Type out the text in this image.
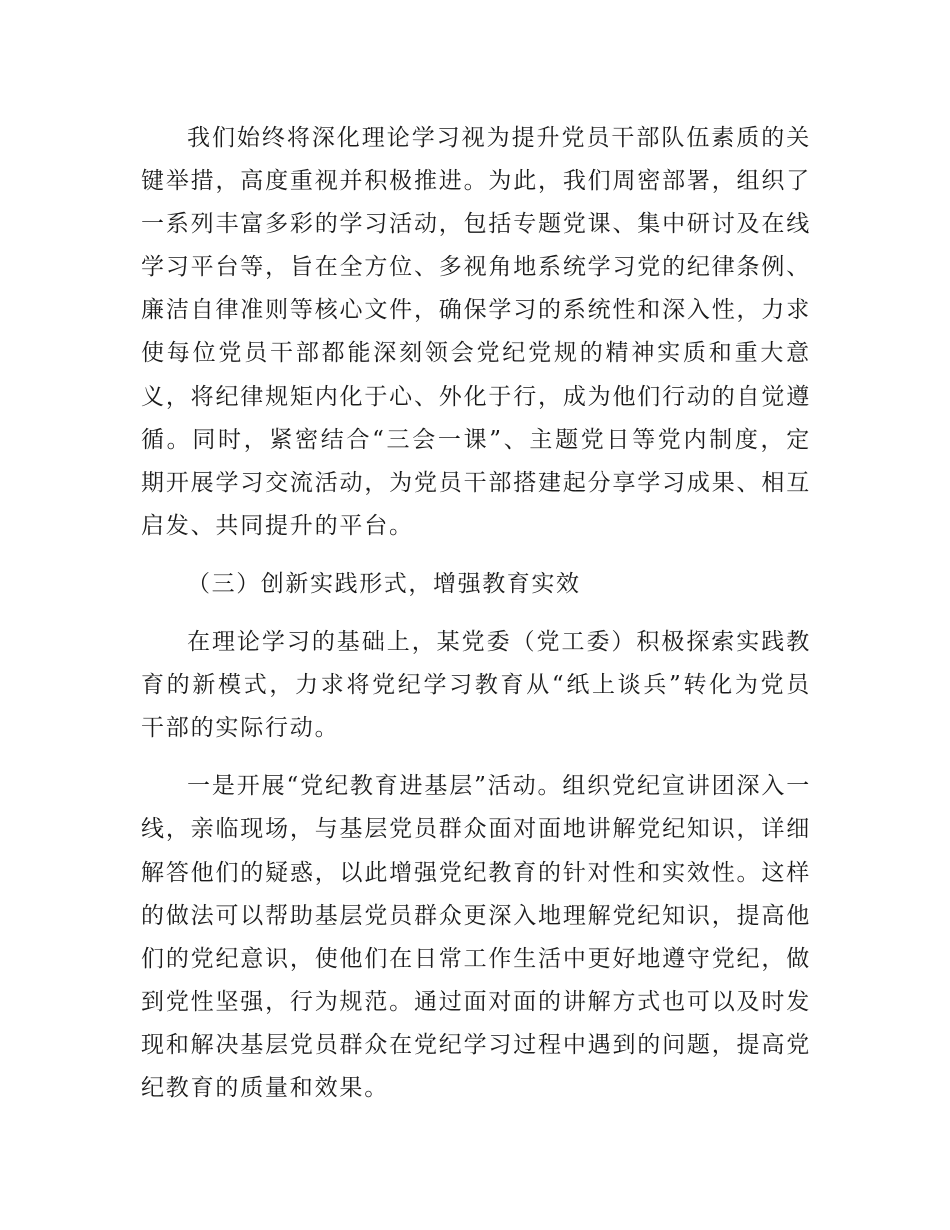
我们始终将深化理论学习视为提升党员干部队伍素质的关键举措，高度重视并积极推进。为此，我们周密部署，组织了一系列丰富多彩的学习活动，包括专题党课、集中研讨及在线学习平台等，旨在全方位、多视角地系统学习党的纪律条例、廉洁自律准则等核心文件，确保学习的系统性和深入性，力求使每位党员干部都能深刻领会党纪党规的精神实质和重大意义，将纪律规矩内化于心、外化于行，成为他们行动的自觉遵循。同时，紧密结合“三会一课”、主题党日等党内制度，定期开展学习交流活动，为党员干部搭建起分享学习成果、相互启发、共同提升的平台。

（三）创新实践形式，增强教育实效

在理论学习的基础上，某党委（党工委）积极探索实践教育的新模式，力求将党纪学习教育从“纸上谈兵”转化为党员干部的实际行动。

一是开展“党纪教育进基层”活动。组织党纪宣讲团深入一线，亲临现场，与基层党员群众面对面地讲解党纪知识，详细解答他们的疑惑，以此增强党纪教育的针对性和实效性。这样的做法可以帮助基层党员群众更深入地理解党纪知识，提高他们的党纪意识，使他们在日常工作生活中更好地遵守党纪，做到党性坚强，行为规范。通过面对面的讲解方式也可以及时发现和解决基层党员群众在党纪学习过程中遇到的问题，提高党纪教育的质量和效果。
